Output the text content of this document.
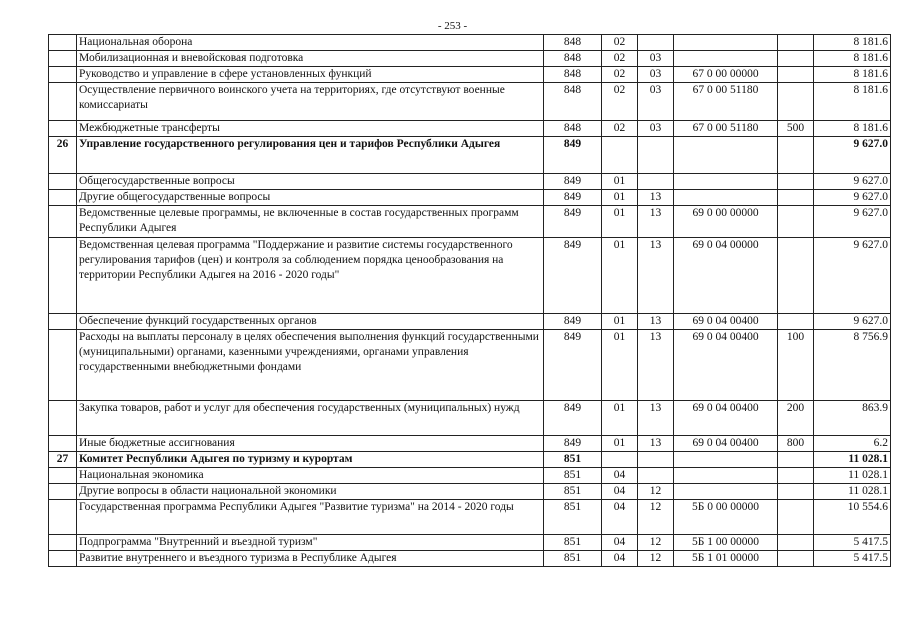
- 253 -
	Национальная оборона	848	02				8 181.6
	Мобилизационная и вневойсковая подготовка	848	02	03			8 181.6
	Руководство и управление в сфере установленных функций	848	02	03	67 0 00 00000		8 181.6
	Осуществление первичного воинского учета на территориях, где отсутствуют военные комиссариаты	848	02	03	67 0 00 51180		8 181.6
	Межбюджетные трансферты	848	02	03	67 0 00 51180	500	8 181.6
26	Управление государственного регулирования цен и тарифов Республики Адыгея	849					9 627.0
	Общегосударственные вопросы	849	01				9 627.0
	Другие общегосударственные вопросы	849	01	13			9 627.0
	Ведомственные целевые программы, не включенные в состав государственных программ Республики Адыгея	849	01	13	69 0 00 00000		9 627.0
	Ведомственная целевая программа "Поддержание и развитие системы государственного регулирования тарифов (цен) и контроля за соблюдением порядка ценообразования на территории Республики Адыгея на 2016 - 2020 годы"	849	01	13	69 0 04 00000		9 627.0
	Обеспечение функций государственных органов	849	01	13	69 0 04 00400		9 627.0
	Расходы на выплаты персоналу в целях обеспечения выполнения функций государственными (муниципальными) органами, казенными учреждениями, органами управления государственными внебюджетными фондами	849	01	13	69 0 04 00400	100	8 756.9
	Закупка товаров, работ и услуг для обеспечения государственных (муниципальных) нужд	849	01	13	69 0 04 00400	200	863.9
	Иные бюджетные ассигнования	849	01	13	69 0 04 00400	800	6.2
27	Комитет Республики Адыгея по туризму и курортам	851					11 028.1
	Национальная экономика	851	04				11 028.1
	Другие вопросы в области национальной экономики	851	04	12			11 028.1
	Государственная программа Республики Адыгея "Развитие туризма" на 2014 - 2020 годы	851	04	12	5Б 0 00 00000		10 554.6
	Подпрограмма "Внутренний и въездной туризм"	851	04	12	5Б 1 00 00000		5 417.5
	Развитие внутреннего и въездного туризма в Республике Адыгея	851	04	12	5Б 1 01 00000		5 417.5
